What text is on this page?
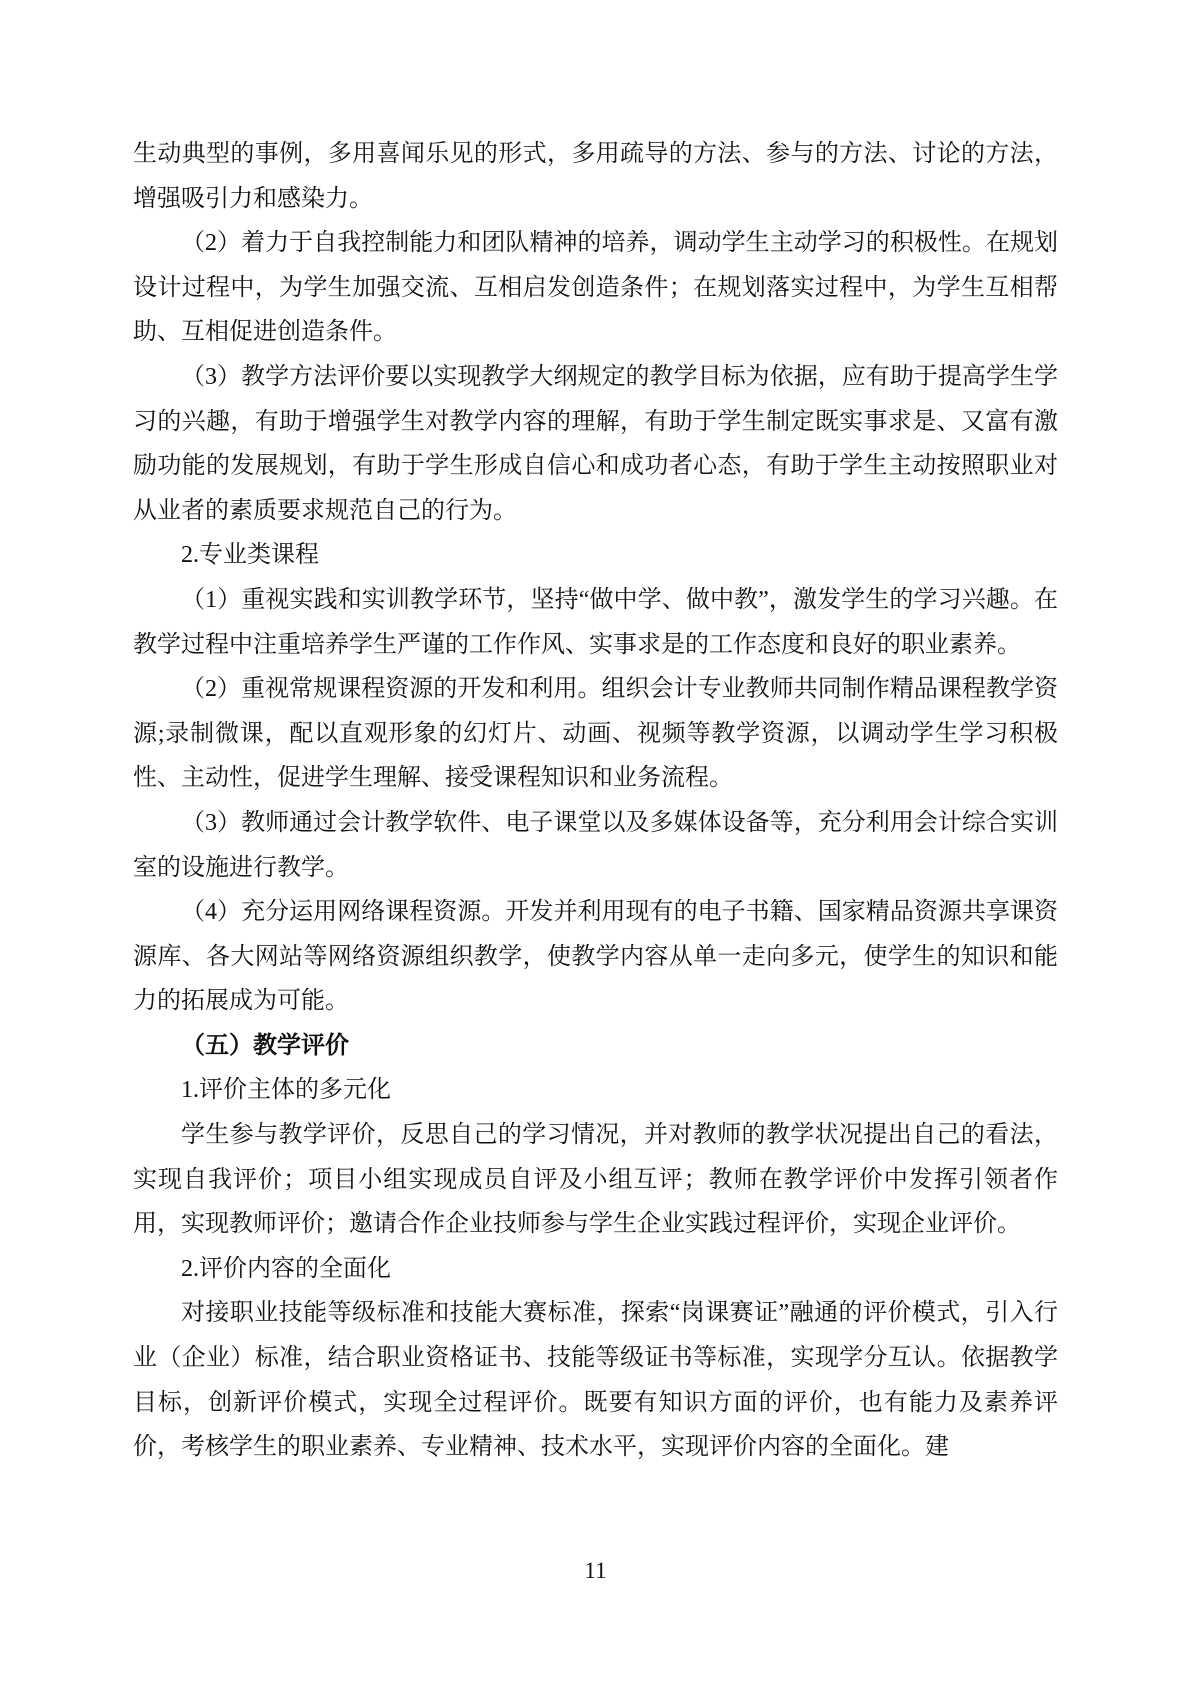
生动典型的事例，多用喜闻乐见的形式，多用疏导的方法、参与的方法、讨论的方法，增强吸引力和感染力。

（2）着力于自我控制能力和团队精神的培养，调动学生主动学习的积极性。在规划设计过程中，为学生加强交流、互相启发创造条件；在规划落实过程中，为学生互相帮助、互相促进创造条件。

（3）教学方法评价要以实现教学大纲规定的教学目标为依据，应有助于提高学生学习的兴趣，有助于增强学生对教学内容的理解，有助于学生制定既实事求是、又富有激励功能的发展规划，有助于学生形成自信心和成功者心态，有助于学生主动按照职业对从业者的素质要求规范自己的行为。

2.专业类课程

（1）重视实践和实训教学环节，坚持“做中学、做中教”，激发学生的学习兴趣。在教学过程中注重培养学生严谨的工作作风、实事求是的工作态度和良好的职业素养。

（2）重视常规课程资源的开发和利用。组织会计专业教师共同制作精品课程教学资源;录制微课，配以直观形象的幻灯片、动画、视频等教学资源，以调动学生学习积极性、主动性，促进学生理解、接受课程知识和业务流程。

（3）教师通过会计教学软件、电子课堂以及多媒体设备等，充分利用会计综合实训室的设施进行教学。

（4）充分运用网络课程资源。开发并利用现有的电子书籍、国家精品资源共享课资源库、各大网站等网络资源组织教学，使教学内容从单一走向多元，使学生的知识和能力的拓展成为可能。

（五）教学评价

1.评价主体的多元化

学生参与教学评价，反思自己的学习情况，并对教师的教学状况提出自己的看法，实现自我评价；项目小组实现成员自评及小组互评；教师在教学评价中发挥引领者作用，实现教师评价；邀请合作企业技师参与学生企业实践过程评价，实现企业评价。

2.评价内容的全面化

对接职业技能等级标准和技能大赛标准，探索“岗课赛证”融通的评价模式，引入行业（企业）标准，结合职业资格证书、技能等级证书等标准，实现学分互认。依据教学目标，创新评价模式，实现全过程评价。既要有知识方面的评价，也有能力及素养评价，考核学生的职业素养、专业精神、技术水平，实现评价内容的全面化。建

11
